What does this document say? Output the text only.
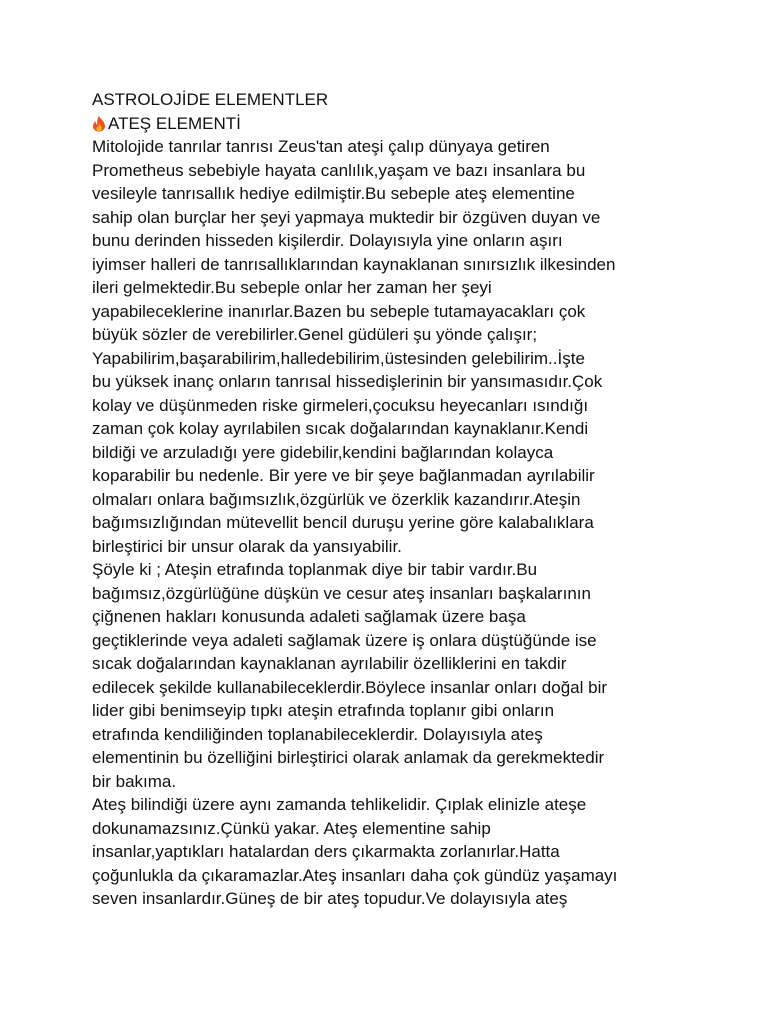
ASTROLOJİDE ELEMENTLER
ATEŞ ELEMENTİ
Mitolojide tanrılar tanrısı Zeus'tan ateşi çalıp dünyaya getiren
Prometheus sebebiyle hayata canlılık,yaşam ve bazı insanlara bu
vesileyle tanrısallık hediye edilmiştir.Bu sebeple ateş elementine
sahip olan burçlar her şeyi yapmaya muktedir bir özgüven duyan ve
bunu derinden hisseden kişilerdir. Dolayısıyla yine onların aşırı
iyimser halleri de tanrısallıklarından kaynaklanan sınırsızlık ilkesinden
ileri gelmektedir.Bu sebeple onlar her zaman her şeyi
yapabileceklerine inanırlar.Bazen bu sebeple tutamayacakları çok
büyük sözler de verebilirler.Genel güdüleri şu yönde çalışır;
Yapabilirim,başarabilirim,halledebilirim,üstesinden gelebilirim..İşte
bu yüksek inanç onların tanrısal hissedişlerinin bir yansımasıdır.Çok
kolay ve düşünmeden riske girmeleri,çocuksu heyecanları ısındığı
zaman çok kolay ayrılabilen sıcak doğalarından kaynaklanır.Kendi
bildiği ve arzuladığı yere gidebilir,kendini bağlarından kolayca
koparabilir bu nedenle. Bir yere ve bir şeye bağlanmadan ayrılabilir
olmaları onlara bağımsızlık,özgürlük ve özerklik kazandırır.Ateşin
bağımsızlığından mütevellit bencil duruşu yerine göre kalabalıklara
birleştirici bir unsur olarak da yansıyabilir.
Şöyle ki ; Ateşin etrafında toplanmak diye bir tabir vardır.Bu
bağımsız,özgürlüğüne düşkün ve cesur ateş insanları başkalarının
çiğnenen hakları konusunda adaleti sağlamak üzere başa
geçtiklerinde veya adaleti sağlamak üzere iş onlara düştüğünde ise
sıcak doğalarından kaynaklanan ayrılabilir özelliklerini en takdir
edilecek şekilde kullanabileceklerdir.Böylece insanlar onları doğal bir
lider gibi benimseyip tıpkı ateşin etrafında toplanır gibi onların
etrafında kendiliğinden toplanabileceklerdir. Dolayısıyla ateş
elementinin bu özelliğini birleştirici olarak anlamak da gerekmektedir
bir bakıma.
Ateş bilindiği üzere aynı zamanda tehlikelidir. Çıplak elinizle ateşe
dokunamazsınız.Çünkü yakar. Ateş elementine sahip
insanlar,yaptıkları hatalardan ders çıkarmakta zorlanırlar.Hatta
çoğunlukla da çıkaramazlar.Ateş insanları daha çok gündüz yaşamayı
seven insanlardır.Güneş de bir ateş topudur.Ve dolayısıyla ateş
